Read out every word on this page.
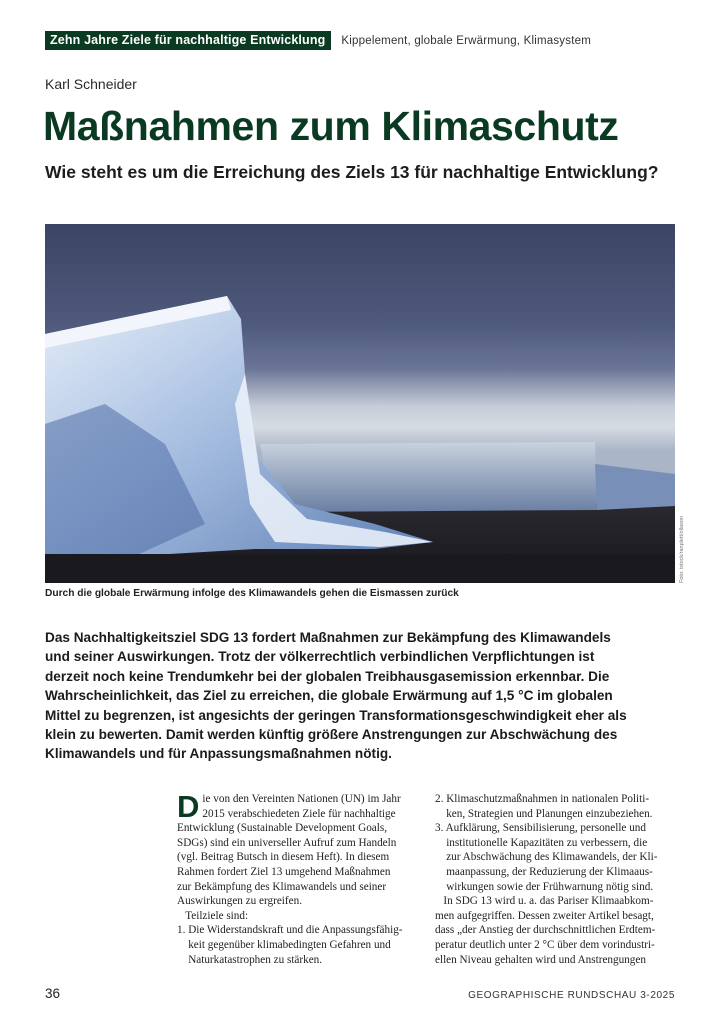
Zehn Jahre Ziele für nachhaltige Entwicklung	Kippelement, globale Erwärmung, Klimasystem
Karl Schneider
Maßnahmen zum Klimaschutz
Wie steht es um die Erreichung des Ziels 13 für nachhaltige Entwicklung?
Foto: istock/ranplett/ollason
Durch die globale Erwärmung infolge des Klimawandels gehen die Eismassen zurück
Das Nachhaltigkeitsziel SDG 13 fordert Maßnahmen zur Bekämpfung des Klimawandels
und seiner Auswirkungen. Trotz der völkerrechtlich verbindlichen Verpflichtungen ist
derzeit noch keine Trendumkehr bei der globalen Treibhausgasemission erkennbar. Die
Wahrscheinlichkeit, das Ziel zu erreichen, die globale Erwärmung auf 1,5 °C im globalen
Mittel zu begrenzen, ist angesichts der geringen Transformationsgeschwindigkeit eher als
klein zu bewerten. Damit werden künftig größere Anstrengungen zur Abschwächung des
Klimawandels und für Anpassungsmaßnahmen nötig.
D ie von den Vereinten Nationen (UN) im Jahr
2015 verabschiedeten Ziele für nachhaltige
Entwicklung (Sustainable Development Goals,
SDGs) sind ein universeller Aufruf zum Handeln
(vgl. Beitrag Butsch in diesem Heft). In diesem
Rahmen fordert Ziel 13 umgehend Maßnahmen
zur Bekämpfung des Klimawandels und seiner
Auswirkungen zu ergreifen.
Teilziele sind:
1. Die Widerstandskraft und die Anpassungsfähig-
keit gegenüber klimabedingten Gefahren und
Naturkatastrophen zu stärken.
2. Klimaschutzmaßnahmen in nationalen Politi-
ken, Strategien und Planungen einzubeziehen.
3. Aufklärung, Sensibilisierung, personelle und
institutionelle Kapazitäten zu verbessern, die
zur Abschwächung des Klimawandels, der Kli-
maanpassung, der Reduzierung der Klimaaus-
wirkungen sowie der Frühwarnung nötig sind.
In SDG 13 wird u. a. das Pariser Klimaabkom-
men aufgegriffen. Dessen zweiter Artikel besagt,
dass „der Anstieg der durchschnittlichen Erdtem-
peratur deutlich unter 2 °C über dem vorindustri-
ellen Niveau gehalten wird und Anstrengungen
36	GEOGRAPHISCHE RUNDSCHAU 3-2025
